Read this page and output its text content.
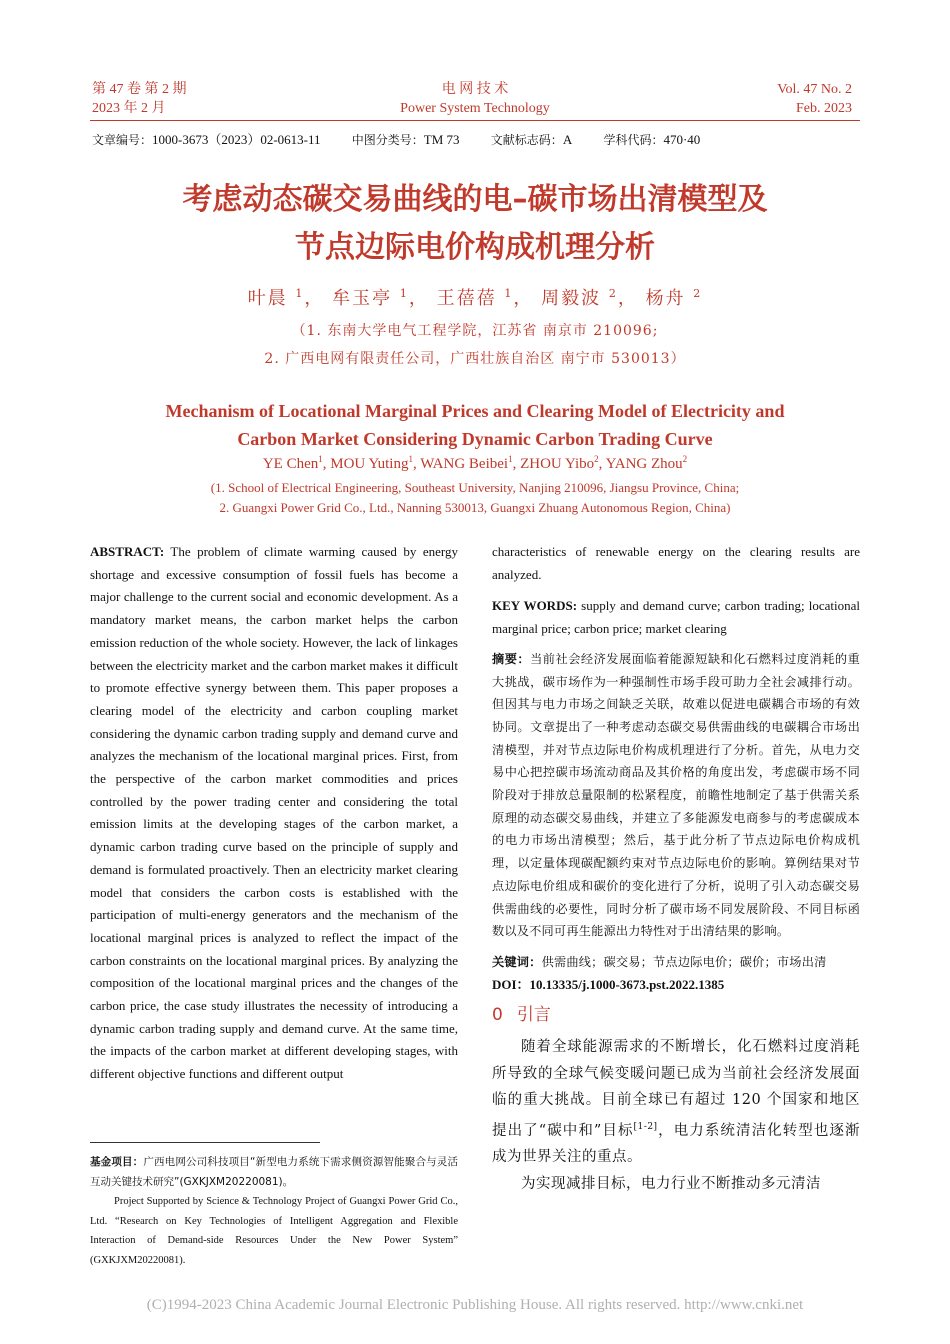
第 47 卷 第 2 期
2023 年 2 月
电 网 技 术
Power System Technology
Vol. 47 No. 2
Feb. 2023
文章编号：1000-3673（2023）02-0613-11	中图分类号：TM 73	文献标志码：A	学科代码：470·40
考虑动态碳交易曲线的电–碳市场出清模型及
节点边际电价构成机理分析
叶晨 $^1$， 牟玉亭 $^1$， 王蓓蓓 $^1$， 周毅波 $^2$， 杨舟 $^2$
（1. 东南大学电气工程学院，江苏省 南京市 210096;
2. 广西电网有限责任公司，广西壮族自治区 南宁市 530013）
Mechanism of Locational Marginal Prices and Clearing Model of Electricity and
Carbon Market Considering Dynamic Carbon Trading Curve
YE Chen$^1$, MOU Yuting$^1$, WANG Beibei$^1$, ZHOU Yibo$^2$, YANG Zhou$^2$
(1. School of Electrical Engineering, Southeast University, Nanjing 210096, Jiangsu Province, China;
2. Guangxi Power Grid Co., Ltd., Nanning 530013, Guangxi Zhuang Autonomous Region, China)

ABSTRACT: The problem of climate warming caused by energy shortage and excessive consumption of fossil fuels has become a major challenge to the current social and economic development. As a mandatory market means, the carbon market helps the carbon emission reduction of the whole society. However, the lack of linkages between the electricity market and the carbon market makes it difficult to promote effective synergy between them. This paper proposes a clearing model of the electricity and carbon coupling market considering the dynamic carbon trading supply and demand curve and analyzes the mechanism of the locational marginal prices. First, from the perspective of the carbon market commodities and prices controlled by the power trading center and considering the total emission limits at the developing stages of the carbon market, a dynamic carbon trading curve based on the principle of supply and demand is formulated proactively. Then an electricity market clearing model that considers the carbon costs is established with the participation of multi-energy generators and the mechanism of the locational marginal prices is analyzed to reflect the impact of the carbon constraints on the locational marginal prices. By analyzing the composition of the locational marginal prices and the changes of the carbon price, the case study illustrates the necessity of introducing a dynamic carbon trading supply and demand curve. At the same time, the impacts of the carbon market at different developing stages, with different objective functions and different output

characteristics of renewable energy on the clearing results are analyzed.

KEY WORDS: supply and demand curve; carbon trading; locational marginal price; carbon price; market clearing

摘要：当前社会经济发展面临着能源短缺和化石燃料过度消耗的重大挑战，碳市场作为一种强制性市场手段可助力全社会减排行动。但因其与电力市场之间缺乏关联，故难以促进电碳耦合市场的有效协同。文章提出了一种考虑动态碳交易供需曲线的电碳耦合市场出清模型，并对节点边际电价构成机理进行了分析。首先，从电力交易中心把控碳市场流动商品及其价格的角度出发，考虑碳市场不同阶段对于排放总量限制的松紧程度，前瞻性地制定了基于供需关系原理的动态碳交易曲线，并建立了多能源发电商参与的考虑碳成本的电力市场出清模型；然后，基于此分析了节点边际电价构成机理，以定量体现碳配额约束对节点边际电价的影响。算例结果对节点边际电价组成和碳价的变化进行了分析，说明了引入动态碳交易供需曲线的必要性，同时分析了碳市场不同发展阶段、不同目标函数以及不同可再生能源出力特性对于出清结果的影响。

关键词：供需曲线；碳交易；节点边际电价；碳价；市场出清

DOI：10.13335/j.1000-3673.pst.2022.1385

0 引言

随着全球能源需求的不断增长，化石燃料过度消耗所导致的全球气候变暖问题已成为当前社会经济发展面临的重大挑战。目前全球已有超过 120 个国家和地区提出了“碳中和”目标[1-2]，电力系统清洁化转型也逐渐成为世界关注的重点。

为实现减排目标，电力行业不断推动多元清洁

基金项目：广西电网公司科技项目“新型电力系统下需求侧资源智能聚合与灵活互动关键技术研究”(GXKJXM20220081)。
Project Supported by Science & Technology Project of Guangxi Power Grid Co., Ltd. “Research on Key Technologies of Intelligent Aggregation and Flexible Interaction of Demand-side Resources Under the New Power System” (GXKJXM20220081).
(C)1994-2023 China Academic Journal Electronic Publishing House. All rights reserved. http://www.cnki.net
